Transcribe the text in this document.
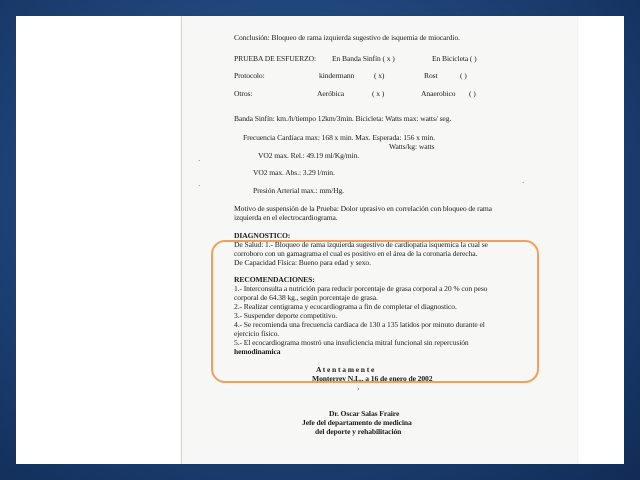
Conclusión: Bloqueo de rama izquierda sugestivo de isquemia de miocardio.

PRUEBA DE ESFUERZO: En Banda Sinfín ( x )	En Bicicleta ( )

Protocolo:	kindermann	( x)	Rost	( )

Otros:	Aeróbica	( x )	Anaerobico ( )

Banda Sinfín: km./h/tiempo 12km/3min. Bicicleta: Watts max: watts/ seg.

Frecuencia Cardiaca max: 168 x min. Max. Esperada: 156 x min.

Watts/kg: watts

VO2 max. Rel.: 49.19 ml/Kg/min.

VO2 max. Abs.: 3.29 l/min.

Presión Arterial max.: mm/Hg.

Motivo de suspensión de la Prueba: Dolor uprasivo en correlación con bloqueo de rama

izquierda en el electrocardiograma.

DIAGNOSTICO:

De Salud: 1.- Bloqueo de rama izquierda sugestivo de cardiopatia isquemica la cual se

corroboro con un gamagrama el cual es positivo en el área de la coronaria derecha.

De Capacidad Física: Bueno para edad y sexo.

RECOMENDACIONES:

1.- Interconsulta a nutrición para reducir porcentaje de grasa corporal a 20 % con peso

corporal de 64.38 kg., según porcentaje de grasa.

2.- Realizar centigrama y ecocardiograma a fin de completar el diagnostico.

3.- Suspender deporte competitivo.

4.- Se recomienda una frecuencia cardiaca de 130 a 135 latidos por minuto durante el

ejercicio físico.

5.- El ecocardiograma mostró una insuficiencia mitral funcional sin repercusión

hemodinamica

A t e n t a m e n t e

Monterrey N.L., a 16 de enero de 2002

›

Dr. Oscar Salas Fraire

Jefe del departamento de medicina

del deporte y rehabilitación

·
·	·
